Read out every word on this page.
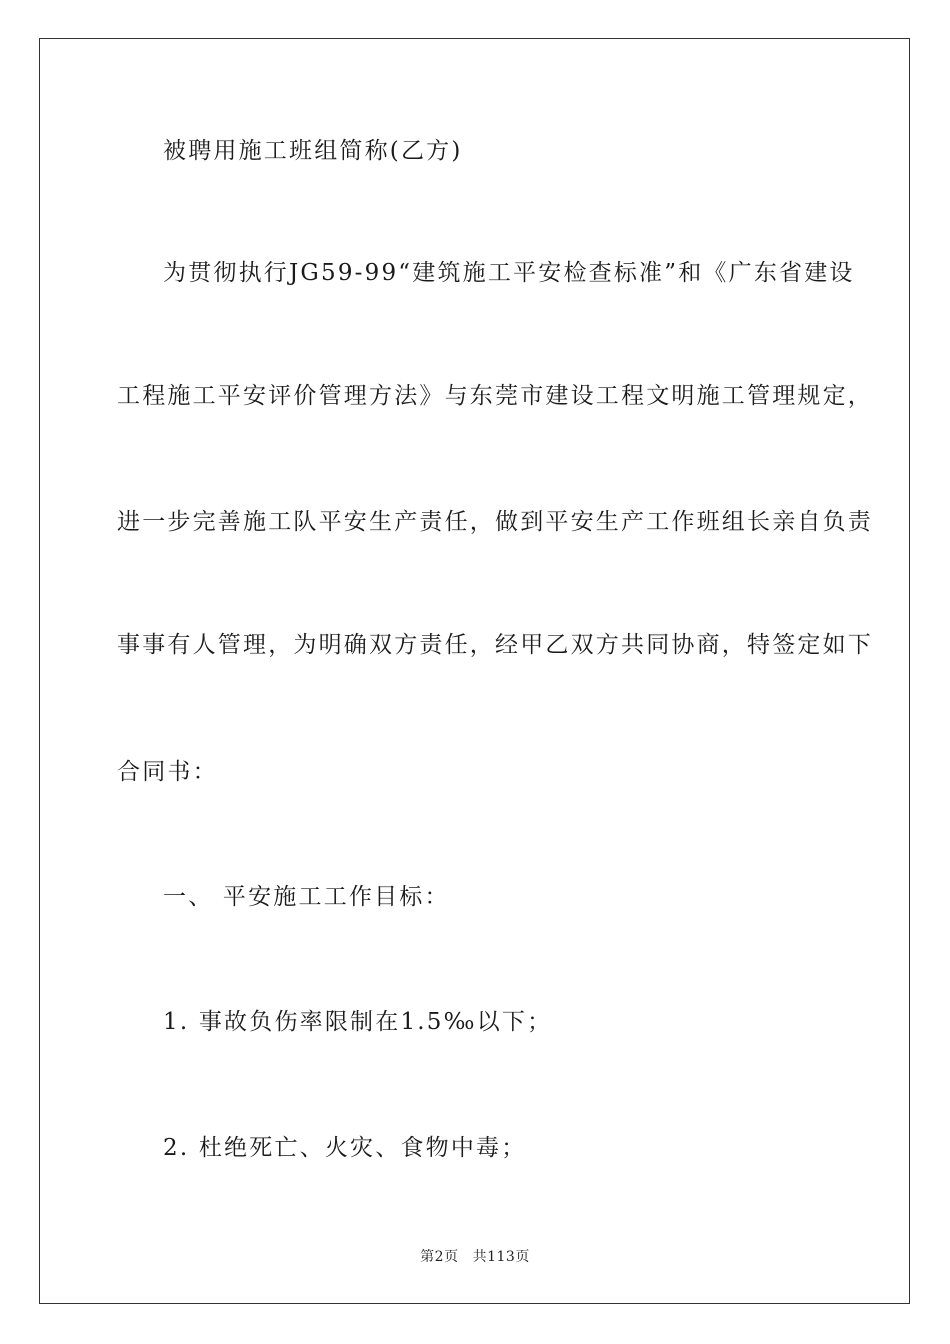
被聘用施工班组简称(乙方)
为贯彻执行JG59-99“建筑施工平安检查标准”和《广东省建设
工程施工平安评价管理方法》与东莞市建设工程文明施工管理规定，
进一步完善施工队平安生产责任，做到平安生产工作班组长亲自负责
事事有人管理，为明确双方责任，经甲乙双方共同协商，特签定如下
合同书：
一、 平安施工工作目标：
1. 事故负伤率限制在1.5‰以下；
2. 杜绝死亡、火灾、食物中毒；
第2页 共113页
